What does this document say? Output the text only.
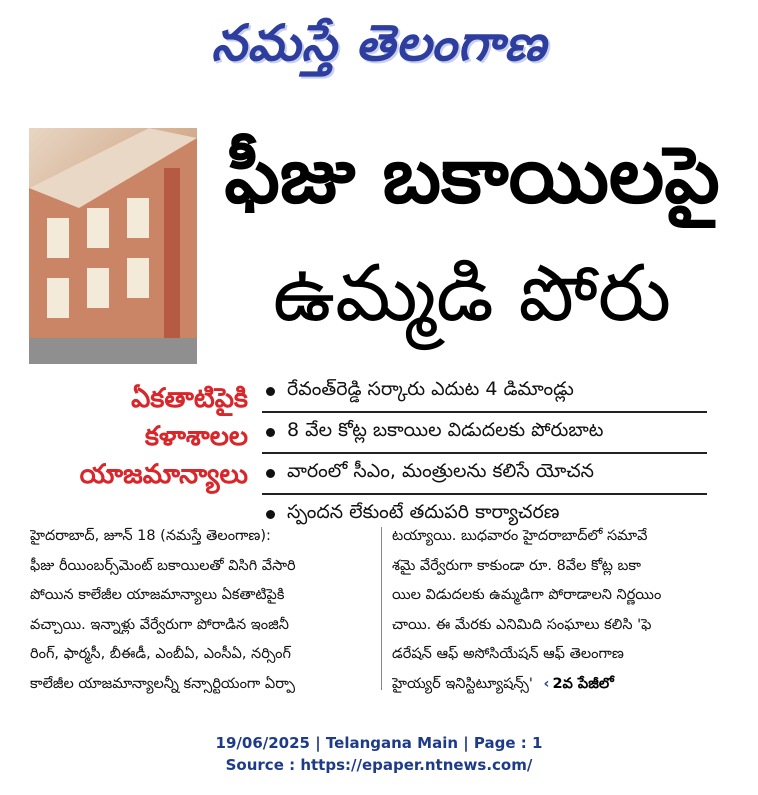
నమస్తే తెలంగాణ
ఫీజు బకాయిలపై
ఉమ్మడి పోరు
ఏకతాటిపైకి
కళాశాలల
యాజమాన్యాలు
రేవంత్‌రెడ్డి సర్కారు ఎదుట 4 డిమాండ్లు
8 వేల కోట్ల బకాయిల విడుదలకు పోరుబాట
వారంలో సీఎం, మంత్రులను కలిసే యోచన
స్పందన లేకుంటే తదుపరి కార్యాచరణ
హైదరాబాద్, జూన్ 18 (నమస్తే తెలంగాణ):
ఫీజు రీయింబర్స్‌మెంట్ బకాయిలతో విసిగి వేసారి
పోయిన కాలేజీల యాజమాన్యాలు ఏకతాటిపైకి
వచ్చాయి. ఇన్నాళ్లు వేర్వేరుగా పోరాడిన ఇంజినీ
రింగ్, ఫార్మసీ, బీఈడీ, ఎంబీఏ, ఎంసీఏ, నర్సింగ్
కాలేజీల యాజమాన్యాలన్నీ కన్సార్టియంగా ఏర్పా
టయ్యాయి. బుధవారం హైదరాబాద్‌లో సమావే
శమై వేర్వేరుగా కాకుండా రూ. 8వేల కోట్ల బకా
యిల విడుదలకు ఉమ్మడిగా పోరాడాలని నిర్ణయిం
చాయి. ఈ మేరకు ఎనిమిది సంఘాలు కలిసి 'ఫె
డరేషన్ ఆఫ్ అసోసియేషన్ ఆఫ్ తెలంగాణ
హైయ్యర్ ఇనిస్టిట్యూషన్స్' ‹ 2వ పేజీలో
19/06/2025 | Telangana Main | Page : 1
Source : https://epaper.ntnews.com/
